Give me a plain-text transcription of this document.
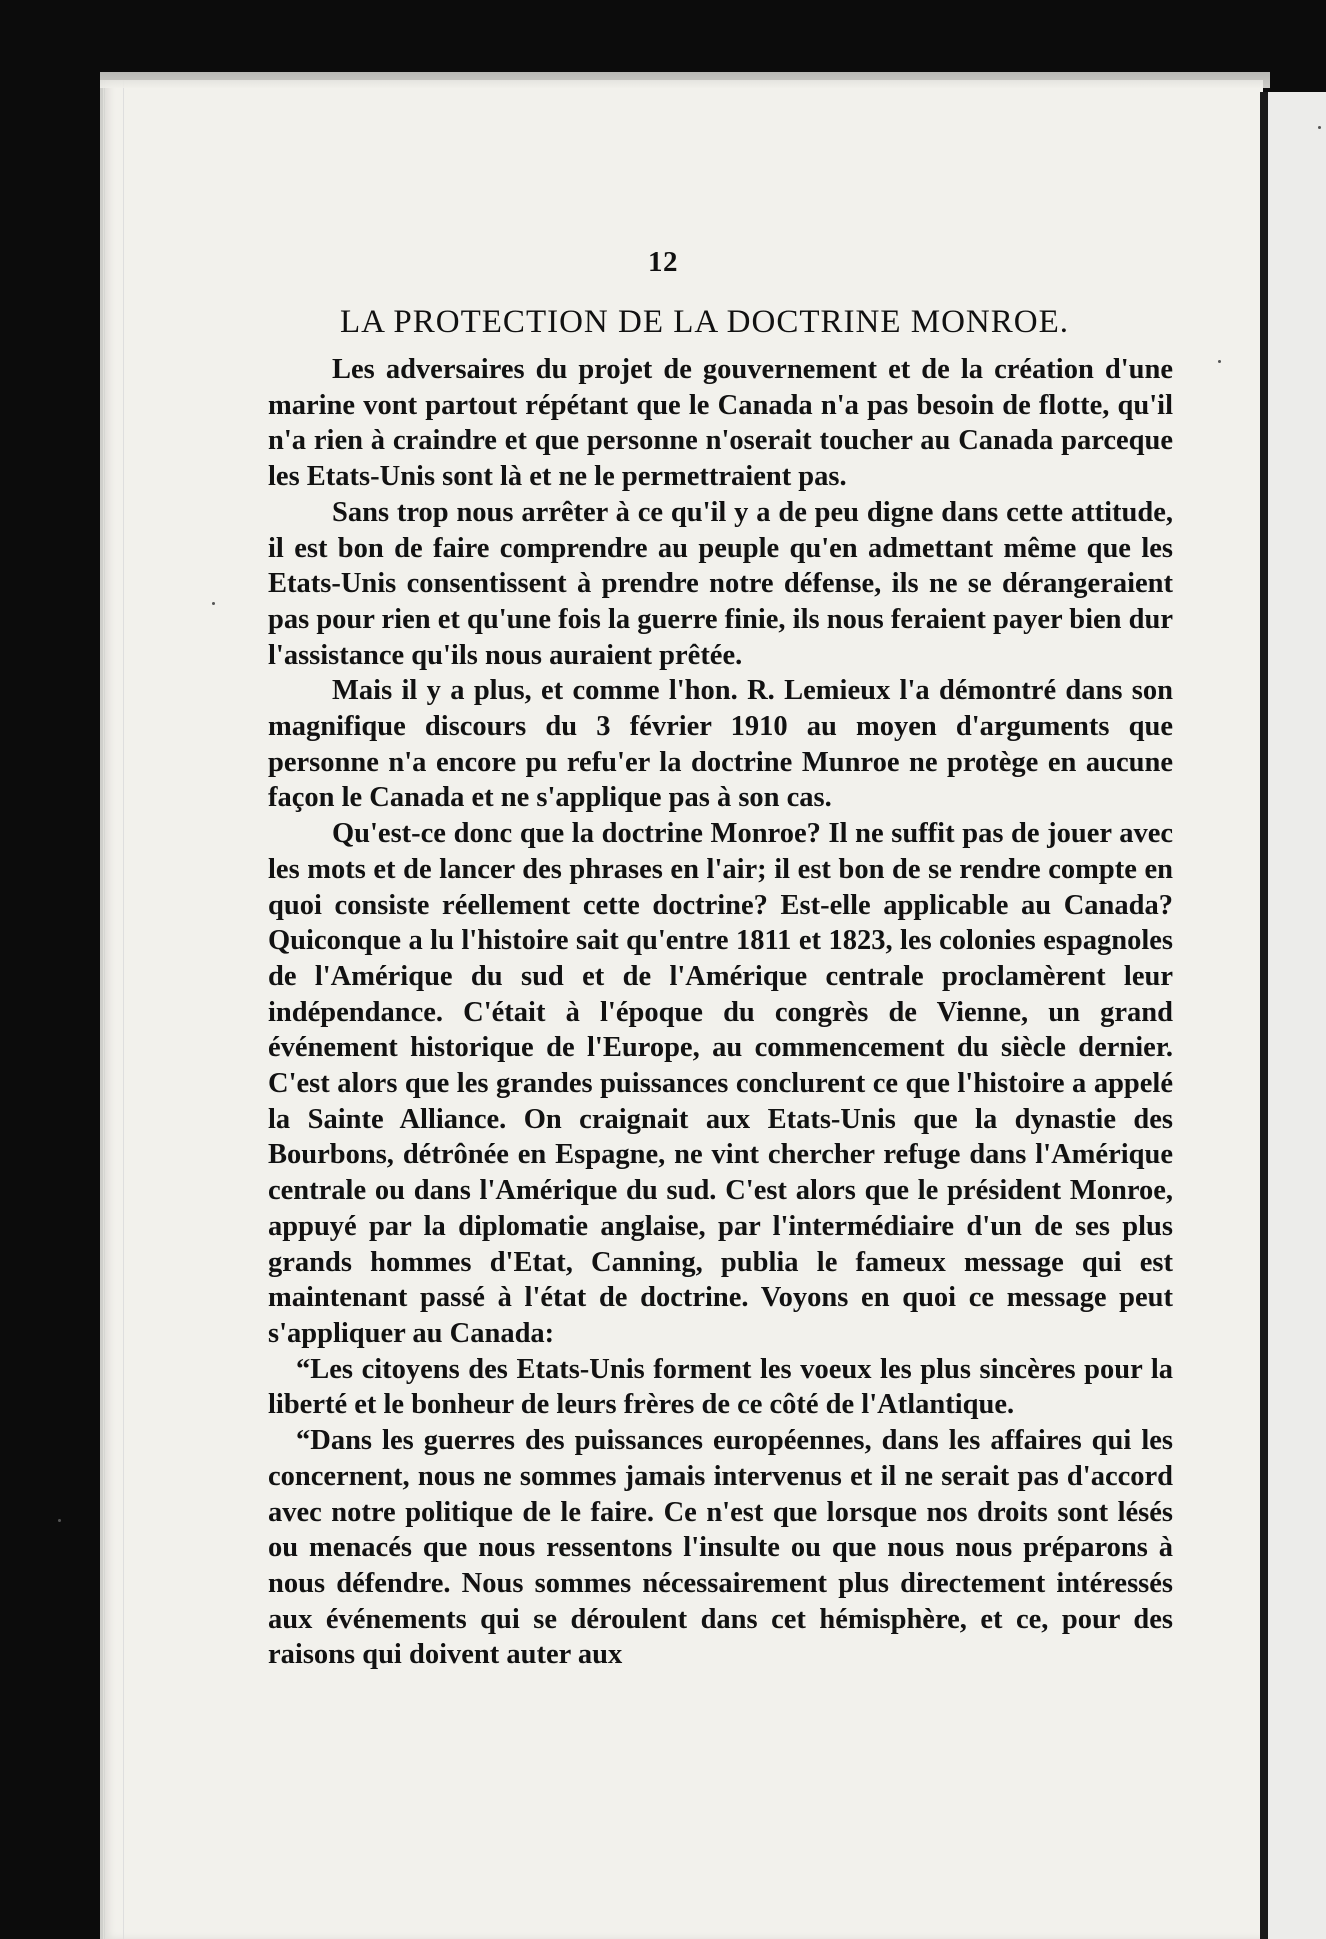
12
LA PROTECTION DE LA DOCTRINE MONROE.

Les adversaires du projet de gouvernement et de la création d'une marine vont partout répétant que le Canada n'a pas besoin de flotte, qu'il n'a rien à craindre et que personne n'oserait toucher au Canada parceque les Etats-Unis sont là et ne le permettraient pas.

Sans trop nous arrêter à ce qu'il y a de peu digne dans cette attitude, il est bon de faire comprendre au peuple qu'en admettant même que les Etats-Unis consentissent à prendre notre défense, ils ne se dérangeraient pas pour rien et qu'une fois la guerre finie, ils nous feraient payer bien dur l'assistance qu'ils nous auraient prêtée.

Mais il y a plus, et comme l'hon. R. Lemieux l'a démontré dans son magnifique discours du 3 février 1910 au moyen d'arguments que personne n'a encore pu refu'er la doctrine Munroe ne protège en aucune façon le Canada et ne s'applique pas à son cas.

Qu'est-ce donc que la doctrine Monroe? Il ne suffit pas de jouer avec les mots et de lancer des phrases en l'air; il est bon de se rendre compte en quoi consiste réellement cette doctrine? Est-elle applicable au Canada? Quiconque a lu l'histoire sait qu'entre 1811 et 1823, les colonies espagnoles de l'Amérique du sud et de l'Amérique centrale proclamèrent leur indépendance. C'était à l'époque du congrès de Vienne, un grand événement historique de l'Europe, au commencement du siècle dernier. C'est alors que les grandes puissances conclurent ce que l'histoire a appelé la Sainte Alliance. On craignait aux Etats-Unis que la dynastie des Bourbons, détrônée en Espagne, ne vint chercher refuge dans l'Amérique centrale ou dans l'Amérique du sud. C'est alors que le président Monroe, appuyé par la diplomatie anglaise, par l'intermédiaire d'un de ses plus grands hommes d'Etat, Canning, publia le fameux message qui est maintenant passé à l'état de doctrine. Voyons en quoi ce message peut s'appliquer au Canada:

“Les citoyens des Etats-Unis forment les voeux les plus sincères pour la liberté et le bonheur de leurs frères de ce côté de l'Atlantique.

“Dans les guerres des puissances européennes, dans les affaires qui les concernent, nous ne sommes jamais intervenus et il ne serait pas d'accord avec notre politique de le faire. Ce n'est que lorsque nos droits sont lésés ou menacés que nous ressentons l'insulte ou que nous nous préparons à nous défendre. Nous sommes nécessairement plus directement intéressés aux événements qui se déroulent dans cet hémisphère, et ce, pour des raisons qui doivent auter aux
